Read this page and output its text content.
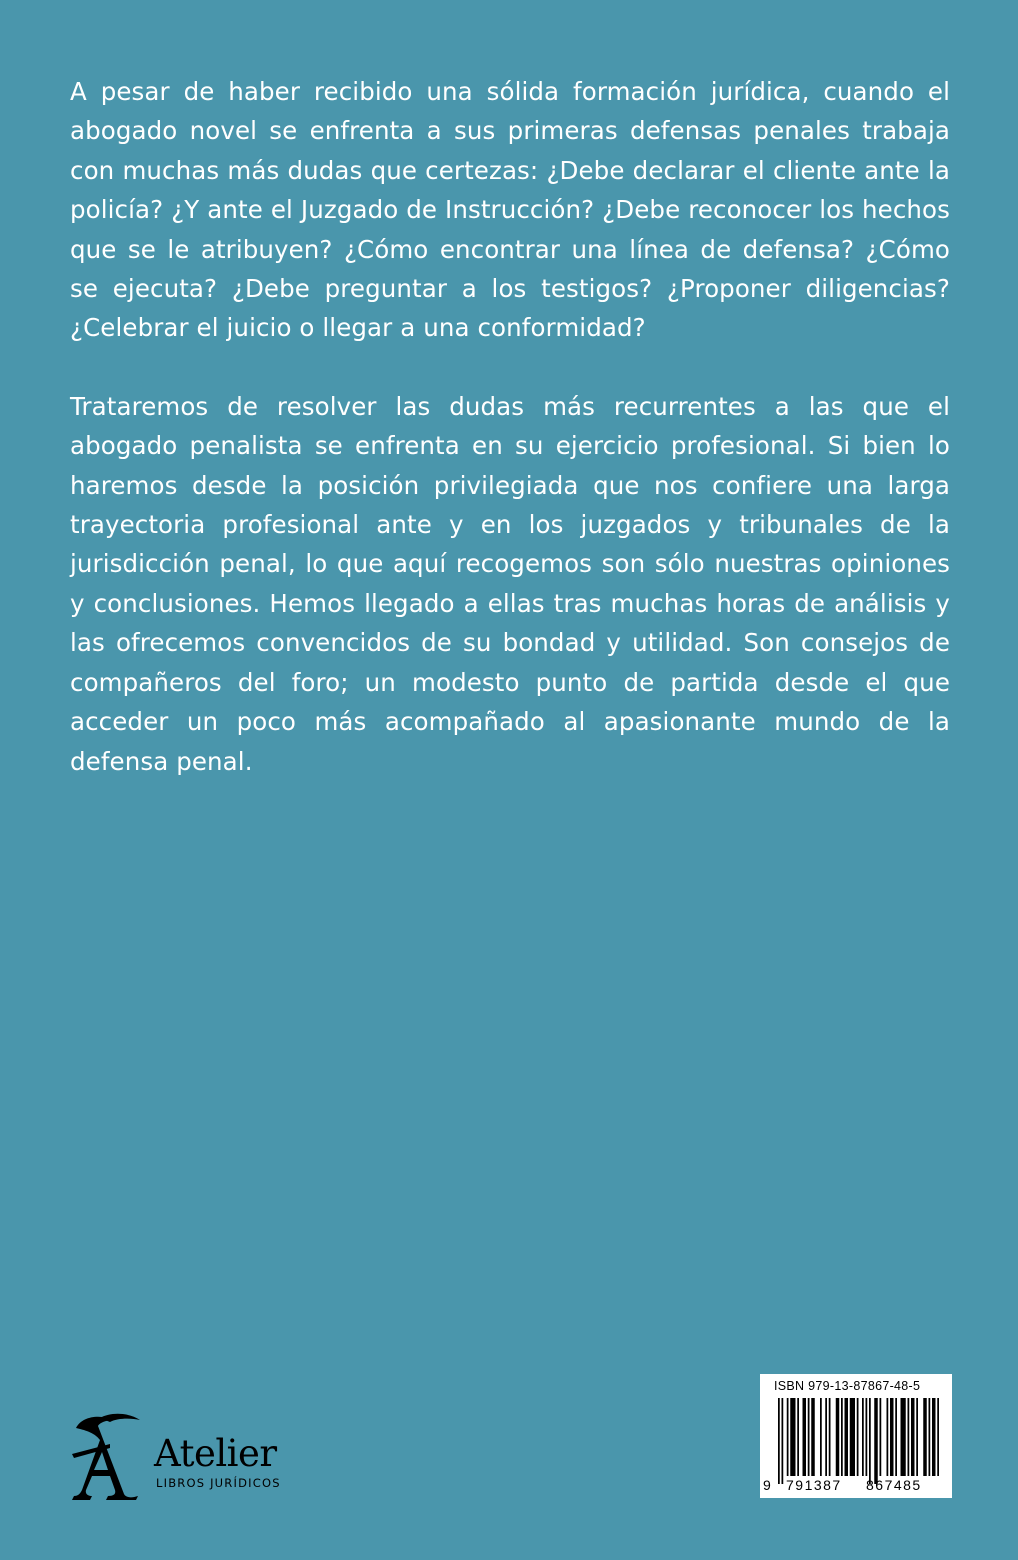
A pesar de haber recibido una sólida formación jurídica, cuando el abogado novel se enfrenta a sus primeras defensas penales trabaja con muchas más dudas que certezas: ¿Debe declarar el cliente ante la policía? ¿Y ante el Juzgado de Instrucción? ¿Debe reconocer los hechos que se le atribuyen? ¿Cómo encontrar una línea de defensa? ¿Cómo se ejecuta? ¿Debe preguntar a los testigos? ¿Proponer diligencias? ¿Celebrar el juicio o llegar a una conformidad?

Trataremos de resolver las dudas más recurrentes a las que el abogado penalista se enfrenta en su ejercicio profesional. Si bien lo haremos desde la posición privilegiada que nos confiere una larga trayectoria profesional ante y en los juzgados y tribunales de la jurisdicción penal, lo que aquí recogemos son sólo nuestras opiniones y conclusiones. Hemos llegado a ellas tras muchas horas de análisis y las ofrecemos convencidos de su bondad y utilidad. Son consejos de compañeros del foro; un modesto punto de partida desde el que acceder un poco más acompañado al apasionante mundo de la defensa penal.

Atelier
LIBROS JURÍDICOS
ISBN 979-13-87867-48-5
9 791387 867485
